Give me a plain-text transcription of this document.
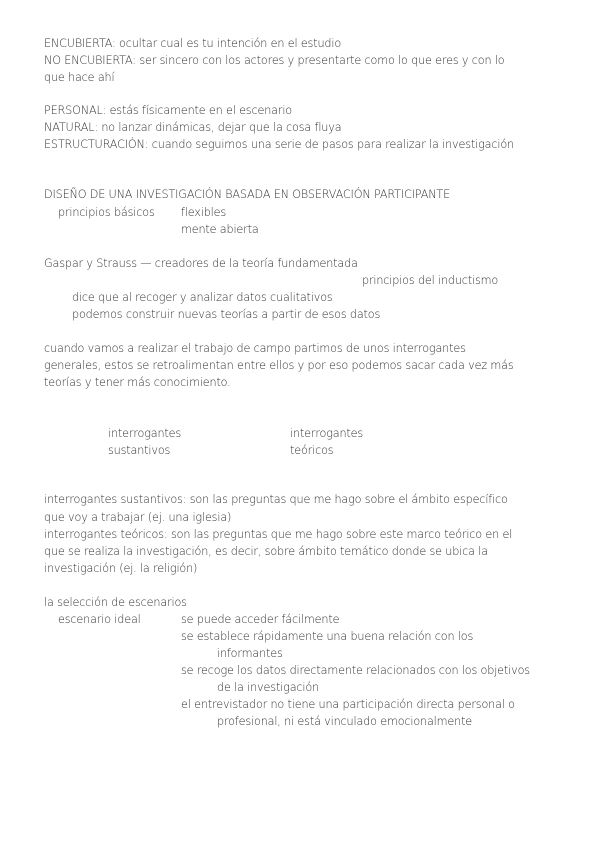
ENCUBIERTA: ocultar cual es tu intención en el estudio
NO ENCUBIERTA: ser sincero con los actores y presentarte como lo que eres y con lo
que hace ahí
PERSONAL: estás físicamente en el escenario
NATURAL: no lanzar dinámicas, dejar que la cosa fluya
ESTRUCTURACIÓN: cuando seguimos una serie de pasos para realizar la investigación
DISEÑO DE UNA INVESTIGACIÓN BASADA EN OBSERVACIÓN PARTICIPANTE
principios básicos flexibles
mente abierta
Gaspar y Strauss — creadores de la teoría fundamentada
principios del inductismo
dice que al recoger y analizar datos cualitativos
podemos construir nuevas teorías a partir de esos datos
cuando vamos a realizar el trabajo de campo partimos de unos interrogantes
generales, estos se retroalimentan entre ellos y por eso podemos sacar cada vez más
teorías y tener más conocimiento.
interrogantes
sustantivos
interrogantes
teóricos
interrogantes sustantivos: son las preguntas que me hago sobre el ámbito específico
que voy a trabajar (ej. una iglesia)
interrogantes teóricos: son las preguntas que me hago sobre este marco teórico en el
que se realiza la investigación, es decir, sobre ámbito temático donde se ubica la
investigación (ej. la religión)
la selección de escenarios
escenario ideal	se puede acceder fácilmente
se establece rápidamente una buena relación con los
informantes
se recoge los datos directamente relacionados con los objetivos
de la investigación
el entrevistador no tiene una participación directa personal o
profesional, ni está vinculado emocionalmente
